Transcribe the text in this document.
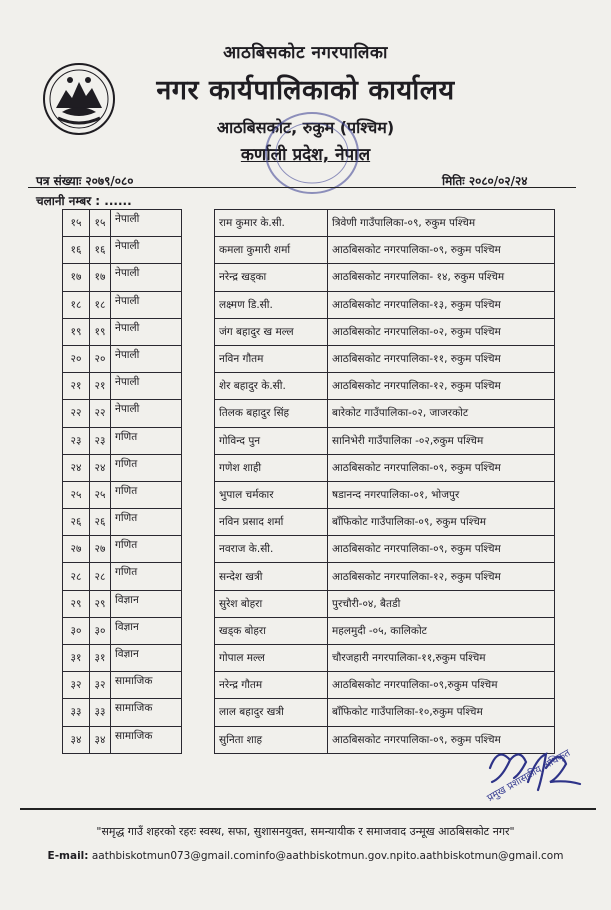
आठबिसकोट नगरपालिका
नगर कार्यपालिकाको कार्यालय
आठबिसकोट, रुकुम (पश्चिम)
कर्णाली प्रदेश, नेपाल
पत्र संख्याः २०७९/०८०
चलानी नम्बर : ......
मितिः २०८०/०२/२४
१५	१५	नेपाली		राम कुमार के.सी.	त्रिवेणी गाउँपालिका-०९, रुकुम पश्चिम
१६	१६	नेपाली		कमला कुमारी शर्मा	आठबिसकोट नगरपालिका-०९, रुकुम पश्चिम
१७	१७	नेपाली		नरेन्द्र खड्का	आठबिसकोट नगरपालिका- १४, रुकुम पश्चिम
१८	१८	नेपाली		लक्ष्मण डि.सी.	आठबिसकोट नगरपालिका-१३, रुकुम पश्चिम
१९	१९	नेपाली		जंग बहादुर ख मल्ल	आठबिसकोट नगरपालिका-०२, रुकुम पश्चिम
२०	२०	नेपाली		नविन गौतम	आठबिसकोट नगरपालिका-११, रुकुम पश्चिम
२१	२१	नेपाली		शेर बहादुर के.सी.	आठबिसकोट नगरपालिका-१२, रुकुम पश्चिम
२२	२२	नेपाली		तिलक बहादुर सिंह	बारेकोट गाउँपालिका-०२, जाजरकोट
२३	२३	गणित		गोविन्द पुन	सानिभेरी गाउँपालिका -०२,रुकुम पश्चिम
२४	२४	गणित		गणेश शाही	आठबिसकोट नगरपालिका-०९, रुकुम पश्चिम
२५	२५	गणित		भुपाल चर्मकार	षडानन्द नगरपालिका-०१, भोजपुर
२६	२६	गणित		नविन प्रसाद शर्मा	बाँफिकोट गाउँपालिका-०९, रुकुम पश्चिम
२७	२७	गणित		नवराज के.सी.	आठबिसकोट नगरपालिका-०९, रुकुम पश्चिम
२८	२८	गणित		सन्देश खत्री	आठबिसकोट नगरपालिका-१२, रुकुम पश्चिम
२९	२९	विज्ञान		सुरेश बोहरा	पुरचौरी-०४, बैतडी
३०	३०	विज्ञान		खड्क बोहरा	महलमुदी -०५, कालिकोट
३१	३१	विज्ञान		गोपाल मल्ल	चौरजहारी नगरपालिका-११,रुकुम पश्चिम
३२	३२	सामाजिक		नरेन्द्र गौतम	आठबिसकोट नगरपालिका-०९,रुकुम पश्चिम
३३	३३	सामाजिक		लाल बहादुर खत्री	बाँफिकोट गाउँपालिका-१०,रुकुम पश्चिम
३४	३४	सामाजिक		सुनिता शाह	आठबिसकोट नगरपालिका-०९, रुकुम पश्चिम
प्रमुख प्रशासकीय अधिकृत
"समृद्ध गाउँ शहरको रहरः स्वस्थ, सफा, सुशासनयुक्त, समन्यायीक र समाजवाद उन्मूख आठबिसकोट नगर"
E-mail: aathbiskotmun073@gmail.cominfo@aathbiskotmun.gov.npito.aathbiskotmun@gmail.com
